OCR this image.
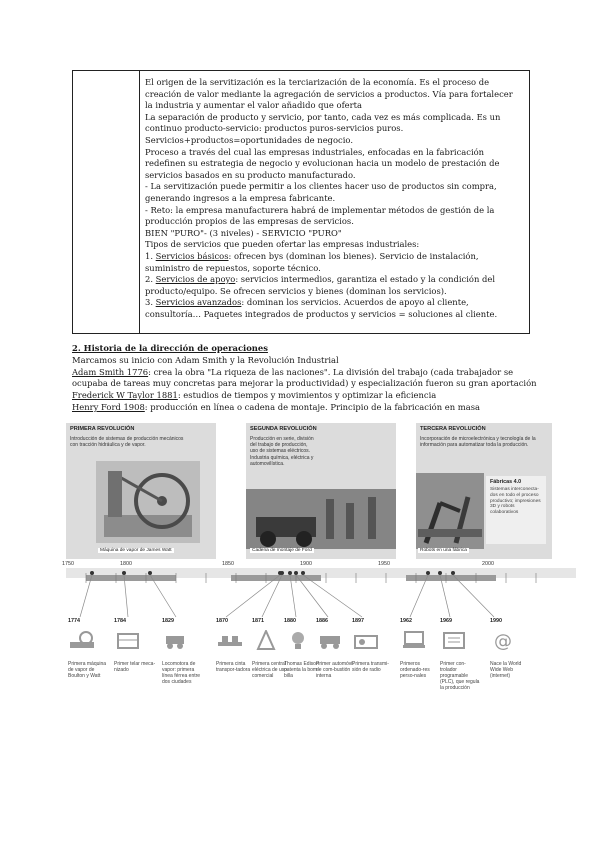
El origen de la servitización es la terciarización de la economía. Es el proceso de creación de valor mediante la agregación de servicios a productos. Vía para fortalecer la industria y aumentar el valor añadido que oferta

La separación de producto y servicio, por tanto, cada vez es más complicada. Es un continuo producto-servicio: productos puros-servicios puros.

Servicios+productos=oportunidades de negocio.

Proceso a través del cual las empresas industriales, enfocadas en la fabricación redefinen su estrategia de negocio y evolucionan hacia un modelo de prestación de servicios basados en su producto manufacturado.

- La servitización puede permitir a los clientes hacer uso de productos sin compra, generando ingresos a la empresa fabricante.

- Reto: la empresa manufacturera habrá de implementar métodos de gestión de la producción propios de las empresas de servicios.

BIEN "PURO"- (3 niveles) - SERVICIO "PURO"

Tipos de servicios que pueden ofertar las empresas industriales:

1. Servicios básicos: ofrecen bys (dominan los bienes). Servicio de instalación, suministro de repuestos, soporte técnico.

2. Servicios de apoyo: servicios intermedios, garantiza el estado y la condición del producto/equipo. Se ofrecen servicios y bienes (dominan los servicios).

3. Servicios avanzados: dominan los servicios. Acuerdos de apoyo al cliente, consultoría… Paquetes integrados de productos y servicios = soluciones al cliente.

2. Historia de la dirección de operaciones

Marcamos su inicio con Adam Smith y la Revolución Industrial

Adam Smith 1776: crea la obra "La riqueza de las naciones". La división del trabajo (cada trabajador se ocupaba de tareas muy concretas para mejorar la productividad) y especialización fueron su gran aportación

Frederick W Taylor 1881: estudios de tiempos y movimientos y optimizar la eficiencia

Henry Ford 1908: producción en línea o cadena de montaje. Principio de la fabricación en masa

PRIMERA REVOLUCIÓN
Introducción de sistemas de producción mecánicos con tracción hidráulica y de vapor.
Máquina de vapor de James Watt
SEGUNDA REVOLUCIÓN
Producción en serie, división del trabajo de producción, uso de sistemas eléctricos. Industria química, eléctrica y automovilística.
Cadena de montaje de Ford
TERCERA REVOLUCIÓN
Incorporación de microelectrónica y tecnología de la información para automatizar toda la producción.
Fábricas 4.0
Sistemas interconecta-dos en todo el proceso productivo; impresiones 3D y robots colaborativos
Robots en una fábrica
1750	1800	1850	1900	1950	2000
1774
Primera máquina de vapor de Boulton y Watt
1784
Primer telar meca-nizado
1829
Locomotora de vapor: primera línea férrea entre dos ciudades
1870
Primera cinta transpor-tadora
1871
Primera central eléctrica de uso comercial
1880
Thomas Edison patenta la bom-billa
1886
Primer automóvil de com-bustión interna
1897
Primera transmi-sión de radio
1962
Primeros ordenado-res perso-nales
1969
Primer con-trolador programable (PLC), que regula la producción
1990
@
Nace la World Wide Web (internet)
